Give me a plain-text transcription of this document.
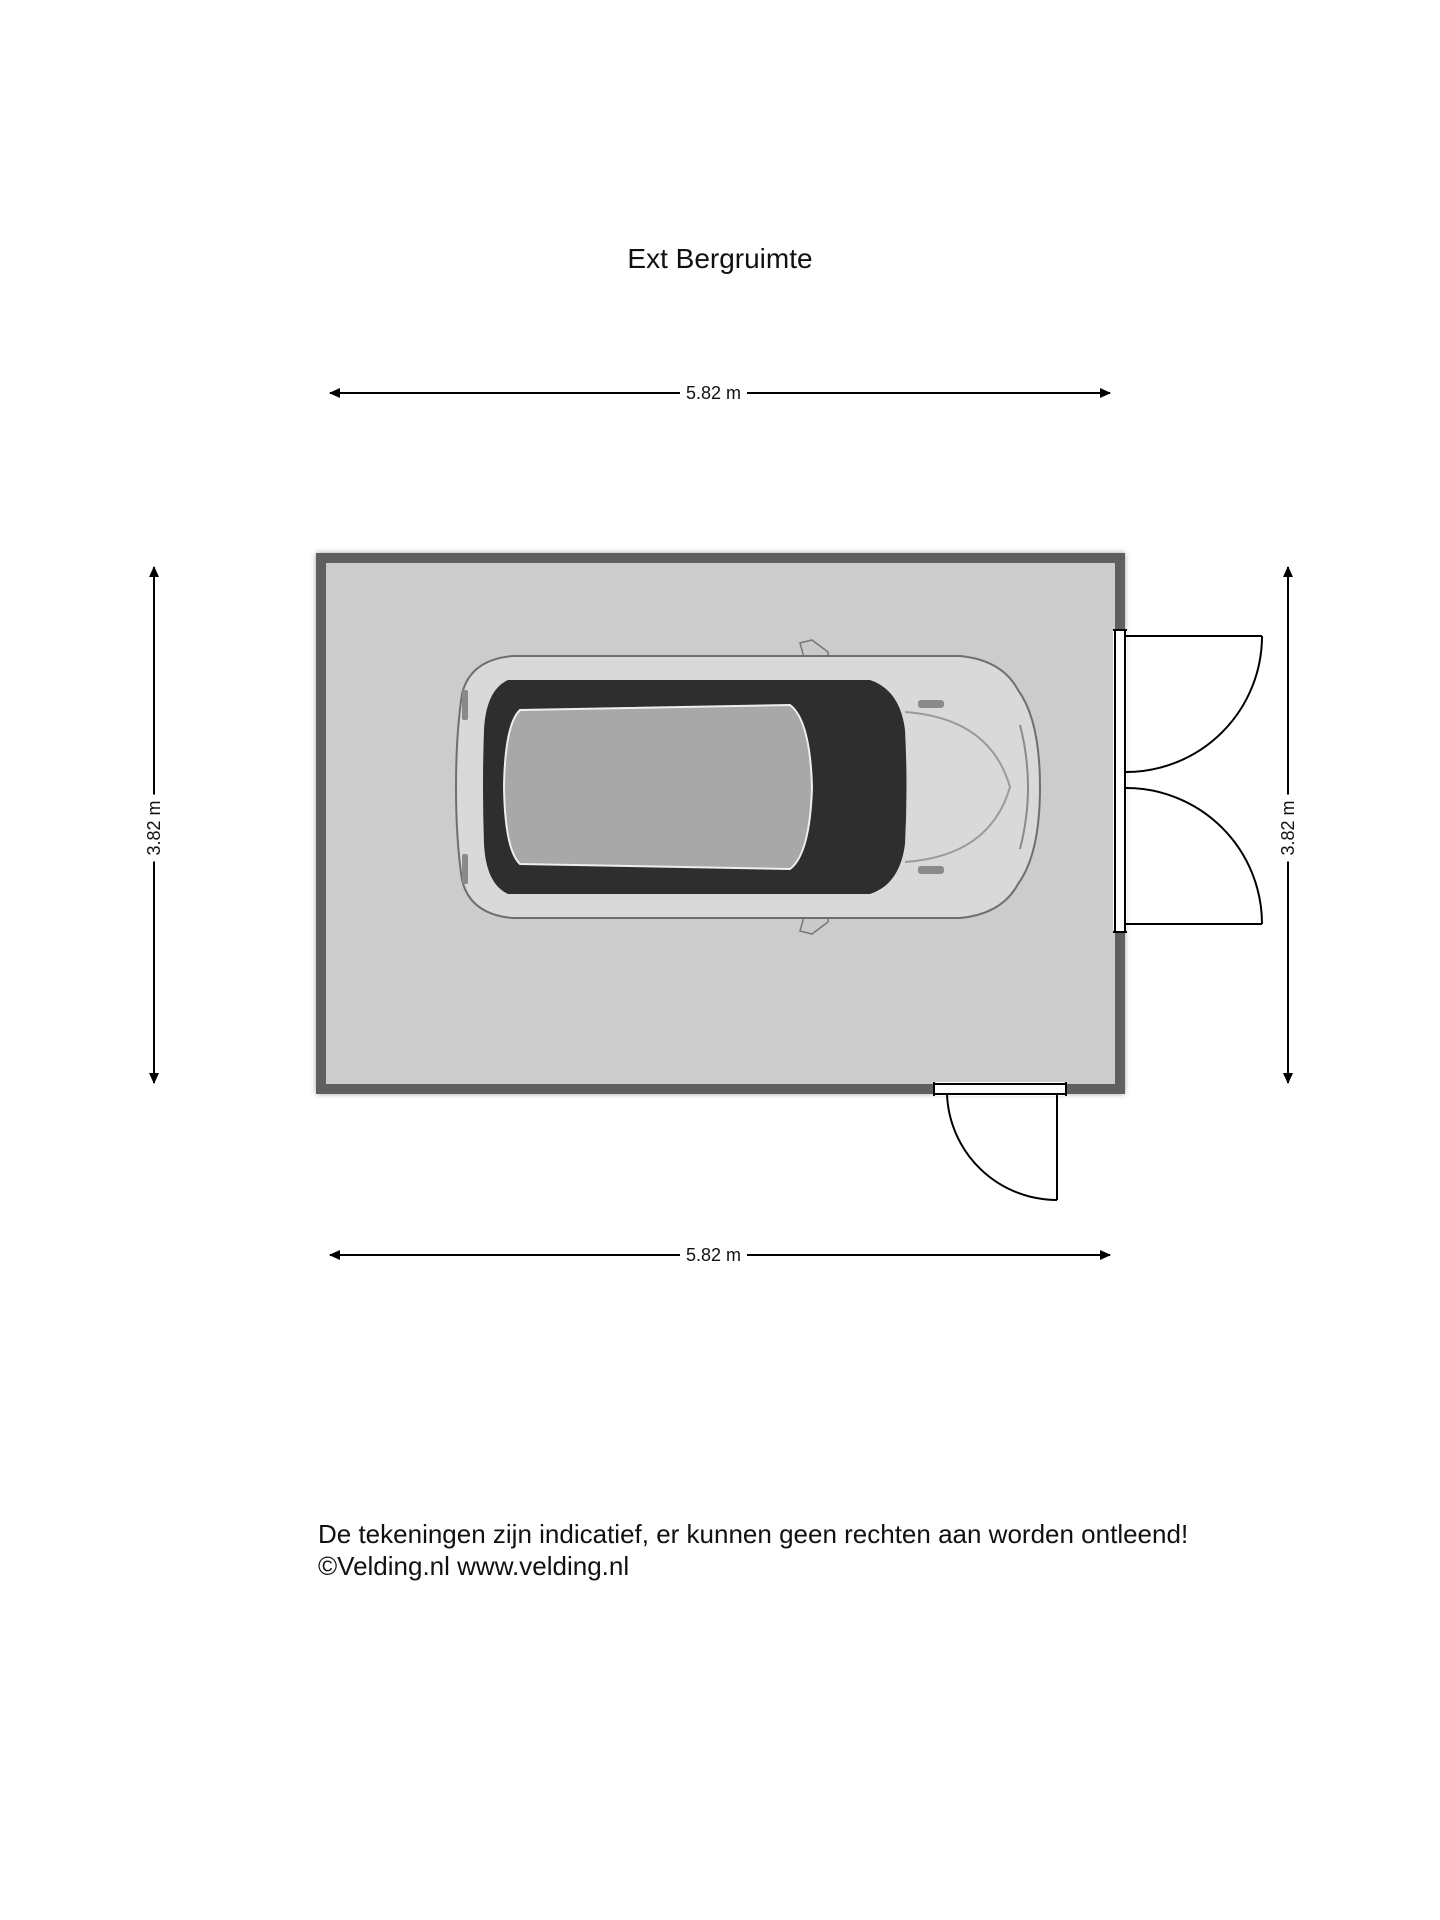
Ext Bergruimte
5.82 m
5.82 m
3.82 m	3.82 m
De tekeningen zijn indicatief, er kunnen geen rechten aan worden ontleend!
©Velding.nl www.velding.nl
